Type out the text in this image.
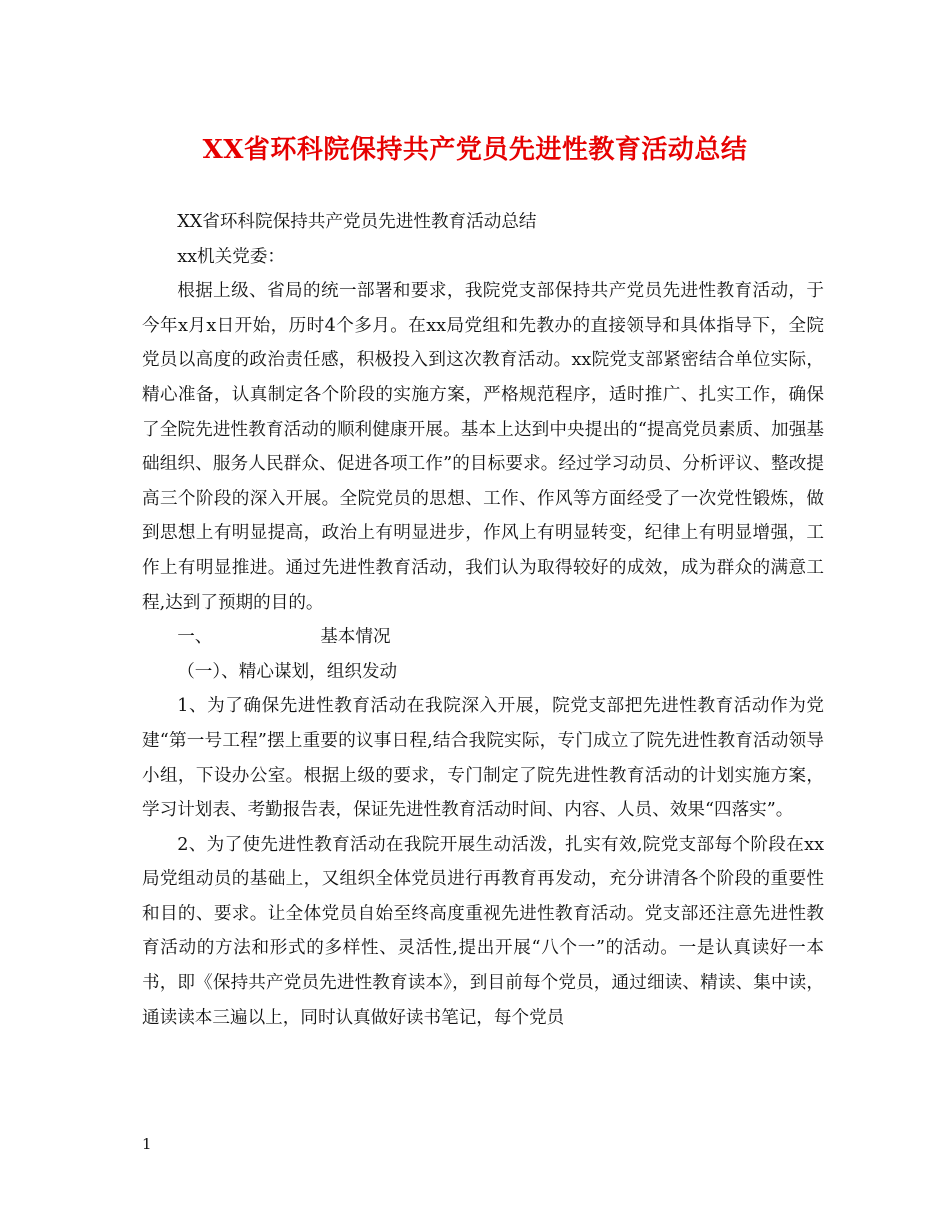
XX省环科院保持共产党员先进性教育活动总结

XX省环科院保持共产党员先进性教育活动总结

xx机关党委：

根据上级、省局的统一部署和要求，我院党支部保持共产党员先进性教育活动，于今年x月x日开始，历时4个多月。在xx局党组和先教办的直接领导和具体指导下，全院党员以高度的政治责任感，积极投入到这次教育活动。xx院党支部紧密结合单位实际，精心准备，认真制定各个阶段的实施方案，严格规范程序，适时推广、扎实工作，确保了全院先进性教育活动的顺利健康开展。基本上达到中央提出的“提高党员素质、加强基础组织、服务人民群众、促进各项工作”的目标要求。经过学习动员、分析评议、整改提高三个阶段的深入开展。全院党员的思想、工作、作风等方面经受了一次党性锻炼，做到思想上有明显提高，政治上有明显进步，作风上有明显转变，纪律上有明显增强，工作上有明显推进。通过先进性教育活动，我们认为取得较好的成效，成为群众的满意工程,达到了预期的目的。

一、	基本情况

（一）、精心谋划，组织发动

1、为了确保先进性教育活动在我院深入开展，院党支部把先进性教育活动作为党建“第一号工程”摆上重要的议事日程,结合我院实际，专门成立了院先进性教育活动领导小组，下设办公室。根据上级的要求，专门制定了院先进性教育活动的计划实施方案，学习计划表、考勤报告表，保证先进性教育活动时间、内容、人员、效果“四落实”。

2、为了使先进性教育活动在我院开展生动活泼，扎实有效,院党支部每个阶段在xx局党组动员的基础上，又组织全体党员进行再教育再发动，充分讲清各个阶段的重要性和目的、要求。让全体党员自始至终高度重视先进性教育活动。党支部还注意先进性教育活动的方法和形式的多样性、灵活性,提出开展“八个一”的活动。一是认真读好一本书，即《保持共产党员先进性教育读本》，到目前每个党员，通过细读、精读、集中读，通读读本三遍以上，同时认真做好读书笔记，每个党员

1
